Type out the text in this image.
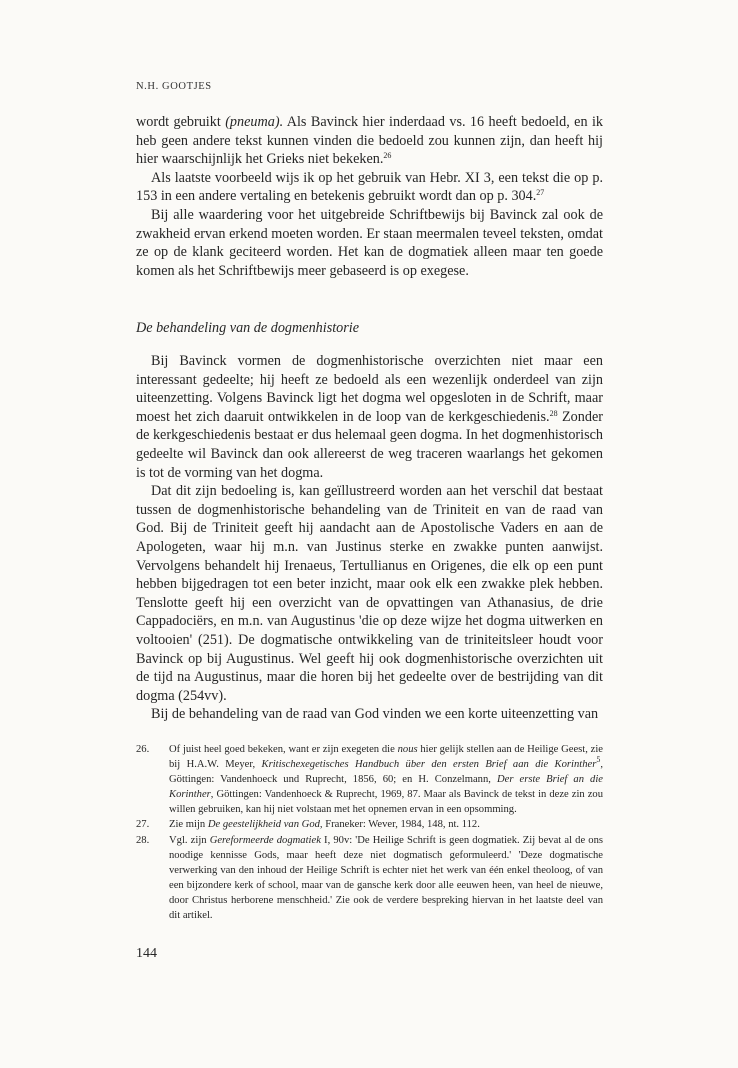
N.H. GOOTJES

wordt gebruikt (pneuma). Als Bavinck hier inderdaad vs. 16 heeft bedoeld, en ik heb geen andere tekst kunnen vinden die bedoeld zou kunnen zijn, dan heeft hij hier waarschijnlijk het Grieks niet bekeken.$^{26}$

Als laatste voorbeeld wijs ik op het gebruik van Hebr. XI 3, een tekst die op p. 153 in een andere vertaling en betekenis gebruikt wordt dan op p. 304.27

Bij alle waardering voor het uitgebreide Schriftbewijs bij Bavinck zal ook de zwakheid ervan erkend moeten worden. Er staan meermalen teveel teksten, omdat ze op de klank geciteerd worden. Het kan de dogmatiek alleen maar ten goede komen als het Schriftbewijs meer gebaseerd is op exegese.

De behandeling van de dogmenhistorie

Bij Bavinck vormen de dogmenhistorische overzichten niet maar een interessant gedeelte; hij heeft ze bedoeld als een wezenlijk onderdeel van zijn uiteenzetting. Volgens Bavinck ligt het dogma wel opgesloten in de Schrift, maar moest het zich daaruit ontwikkelen in de loop van de kerkgeschiedenis.$^{28}$ Zonder de kerkgeschiedenis bestaat er dus helemaal geen dogma. In het dogmenhistorisch gedeelte wil Bavinck dan ook allereerst de weg traceren waarlangs het gekomen is tot de vorming van het dogma.

Dat dit zijn bedoeling is, kan geïllustreerd worden aan het verschil dat bestaat tussen de dogmenhistorische behandeling van de Triniteit en van de raad van God. Bij de Triniteit geeft hij aandacht aan de Apostolische Vaders en aan de Apologeten, waar hij m.n. van Justinus sterke en zwakke punten aanwijst. Vervolgens behandelt hij Irenaeus, Tertullianus en Origenes, die elk op een punt hebben bijgedragen tot een beter inzicht, maar ook elk een zwakke plek hebben. Tenslotte geeft hij een overzicht van de opvattingen van Athanasius, de drie Cappadociërs, en m.n. van Augustinus 'die op deze wijze het dogma uitwerken en voltooien' (251). De dogmatische ontwikkeling van de triniteitsleer houdt voor Bavinck op bij Augustinus. Wel geeft hij ook dogmenhistorische overzichten uit de tijd na Augustinus, maar die horen bij het gedeelte over de bestrijding van dit dogma (254vv).

Bij de behandeling van de raad van God vinden we een korte uiteenzetting van

26.	Of juist heel goed bekeken, want er zijn exegeten die nous hier gelijk stellen aan de Heilige Geest, zie bij H.A.W. Meyer, Kritischexegetisches Handbuch über den ersten Brief aan die Korinther$^5$, Göttingen: Vandenhoeck und Ruprecht, 1856, 60; en H. Conzelmann, Der erste Brief an die Korinther, Göttingen: Vandenhoeck & Ruprecht, 1969, 87. Maar als Bavinck de tekst in deze zin zou willen gebruiken, kan hij niet volstaan met het opnemen ervan in een opsomming.
27.	Zie mijn De geestelijkheid van God, Franeker: Wever, 1984, 148, nt. 112.
28.	Vgl. zijn Gereformeerde dogmatiek I, 90v: 'De Heilige Schrift is geen dogmatiek. Zij bevat al de ons noodige kennisse Gods, maar heeft deze niet dogmatisch geformuleerd.' 'Deze dogmatische verwerking van den inhoud der Heilige Schrift is echter niet het werk van één enkel theoloog, of van een bijzondere kerk of school, maar van de gansche kerk door alle eeuwen heen, van heel de nieuwe, door Christus herborene menschheid.' Zie ook de verdere bespreking hiervan in het laatste deel van dit artikel.
144
